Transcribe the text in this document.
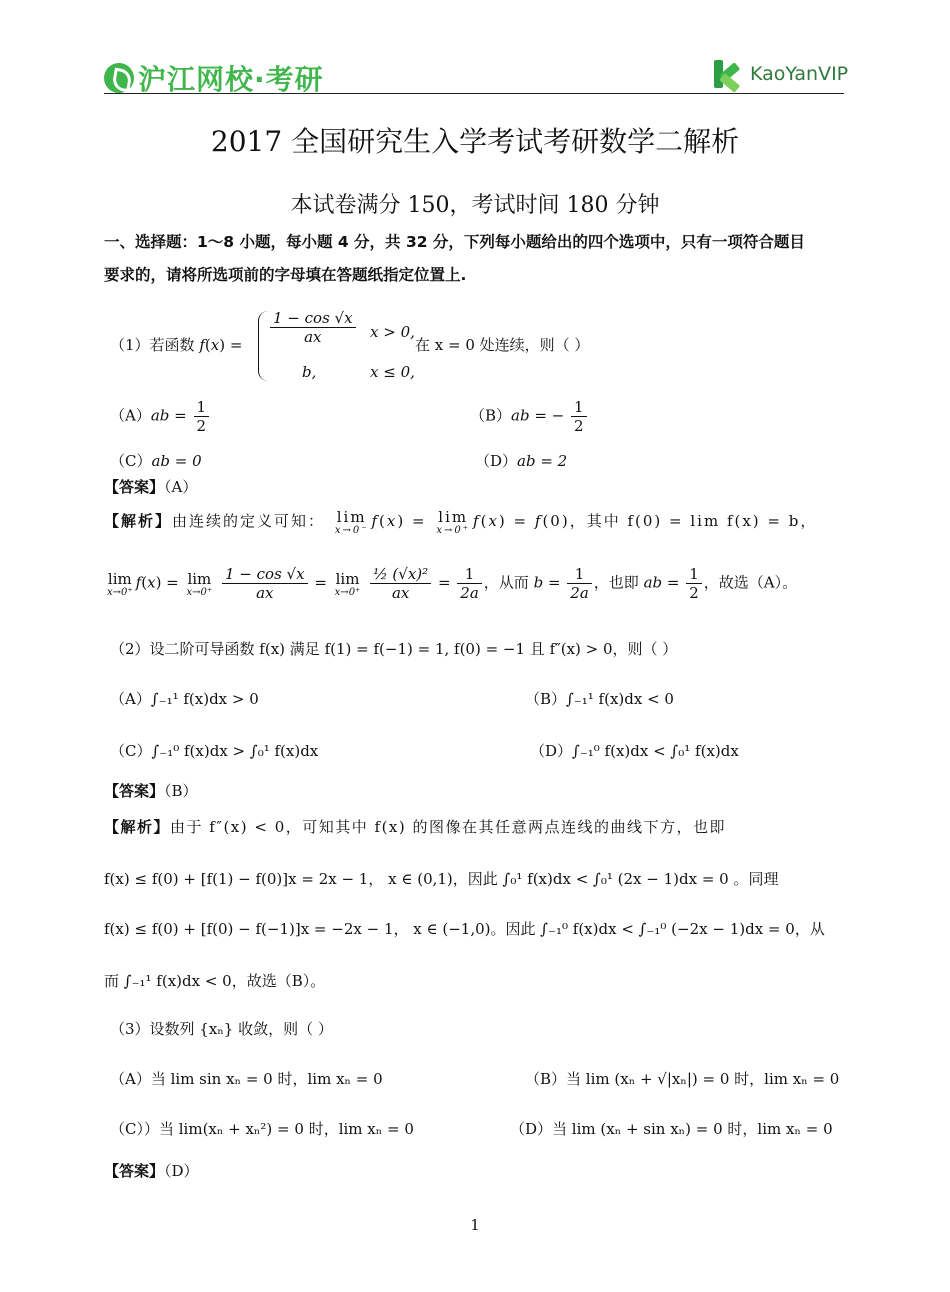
沪江网校·考研	KaoYanVIP
2017 全国研究生入学考试考研数学二解析
本试卷满分 150，考试时间 180 分钟
一、选择题：1～8 小题，每小题 4 分，共 32 分，下列每小题给出的四个选项中，只有一项符合题目
要求的，请将所选项前的字母填在答题纸指定位置上.
（1）若函数 $f(x) = \frac{1 - \cos √x}{ax}$ x > 0,
b,	x ≤ 0,
在 x = 0 处连续，则（ ）
$(A)ab = \frac{1}{2}$	（B）ab = − $\frac{1}{2}$
（C）ab = 0	（D）ab = 2
【答案】（A）
【解析】由连续的定义可知： lim
x→0⁻
f(x) = lim
x→0⁺
f(x) = f(0)，其中 f(0) = lim f(x) = b，
lim
x→0⁺
f(x) = lim
x→0⁺
$\frac{1 - \cos √x}{ax} = \lim$
x→0⁺
$\frac{\text{½ (√x)²}}{ax} = \frac{1}{2a}$ ，从而 $b = \frac{1}{2a}$ ，也即 ab = $\frac{1}{2}$ ，故选（A）。
（2）设二阶可导函数 f(x) 满足 f(1) = f(−1) = 1, f(0) = −1 且 f″(x) > 0，则（ ）
（A）∫₋₁¹ f(x)dx > 0	（B）∫₋₁¹ f(x)dx < 0
（C）∫₋₁⁰ f(x)dx > ∫₀¹ f(x)dx	（D）∫₋₁⁰ f(x)dx < ∫₀¹ f(x)dx
【答案】（B）
【解析】由于 f″(x) < 0，可知其中 f(x) 的图像在其任意两点连线的曲线下方，也即
f(x) ≤ f(0) + [f(1) − f(0)]x = 2x − 1， x ∈ (0,1)，因此 ∫₀¹ f(x)dx < ∫₀¹ (2x − 1)dx = 0 。同理
f(x) ≤ f(0) + [f(0) − f(−1)]x = −2x − 1， x ∈ (−1,0)。因此 ∫₋₁⁰ f(x)dx < ∫₋₁⁰ (−2x − 1)dx = 0，从
而 ∫₋₁¹ f(x)dx < 0，故选（B）。
（3）设数列 {xₙ} 收敛，则（ ）
（A）当 lim sin xₙ = 0 时，lim xₙ = 0	（B）当 lim (xₙ + √|xₙ|) = 0 时，lim xₙ = 0
（C））当 lim(xₙ + xₙ²) = 0 时，lim xₙ = 0	（D）当 lim (xₙ + sin xₙ) = 0 时，lim xₙ = 0
【答案】（D）
1
